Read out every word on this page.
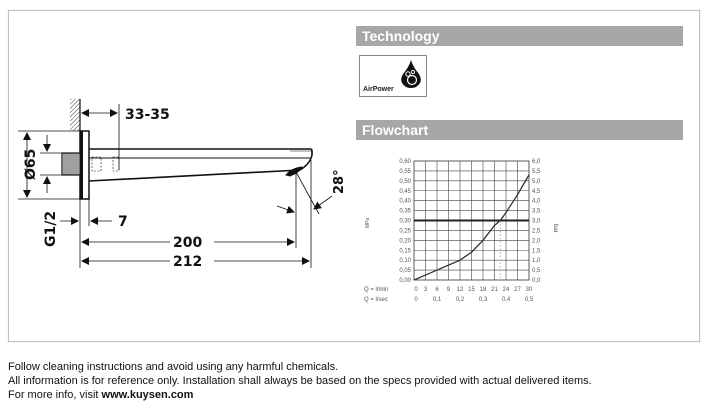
33-35
7
200
212
Ø65
G1/2
28°
Technology
AirPower
Flowchart
0,00
0,05
0,10
0,15
0,20
0,25
0,30
0,35
0,40
0,45
0,50
0,55
0,60
0,0
0,5
1,0
1,5
2,0
2,5
3,0
3,5
4,0
4,5
5,0
5,5
6,0
0 3 6 9 12 15 18 21 24 27 30
0	0,1 0,2 0,3 0,4 0,5
MPa
bar
Q = l/min
Q = l/sec
Follow cleaning instructions and avoid using any harmful chemicals.
All information is for reference only. Installation shall always be based on the specs provided with actual delivered items.
For more info, visit www.kuysen.com
